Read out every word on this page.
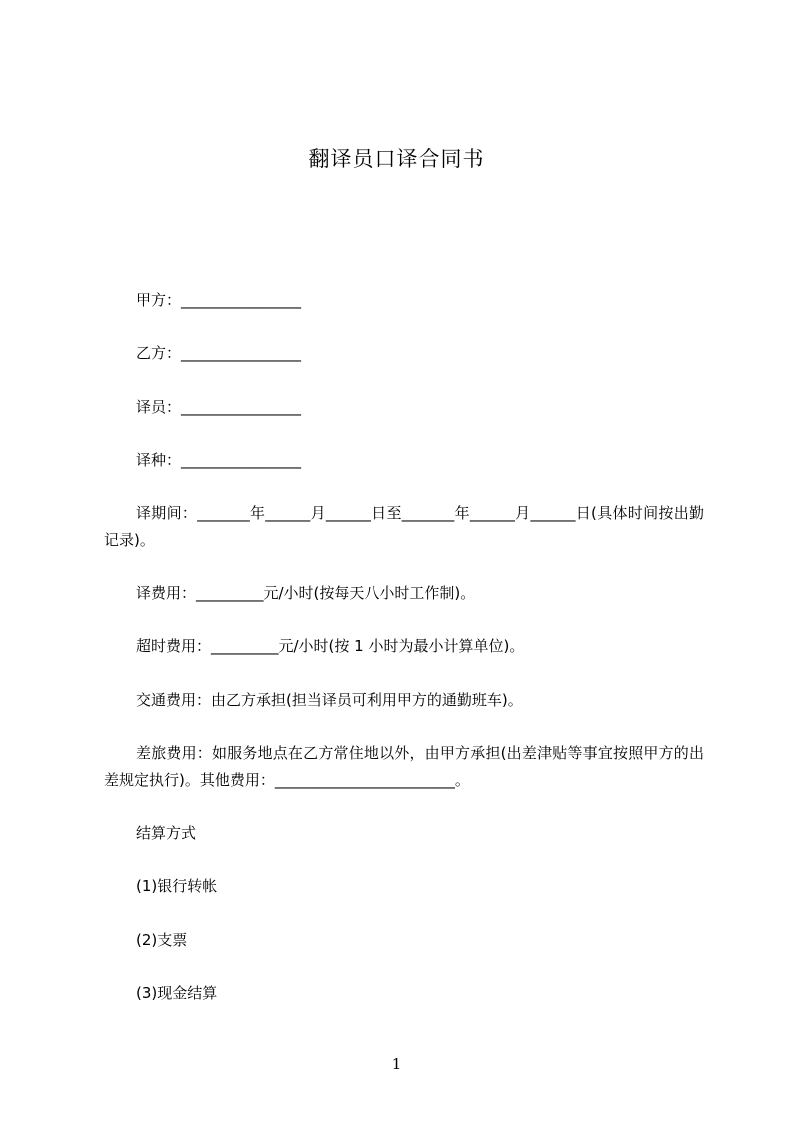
翻译员口译合同书
甲方：________________
乙方：________________
译员：________________
译种：________________
译期间：_______年______月______日至_______年______月______日(具体时间按出勤记录)。
译费用：_________元/小时(按每天八小时工作制)。
超时费用：_________元/小时(按 1 小时为最小计算单位)。
交通费用：由乙方承担(担当译员可利用甲方的通勤班车)。
差旅费用：如服务地点在乙方常住地以外，由甲方承担(出差津贴等事宜按照甲方的出差规定执行)。其他费用：________________________。
结算方式
(1)银行转帐
(2)支票
(3)现金结算
1
